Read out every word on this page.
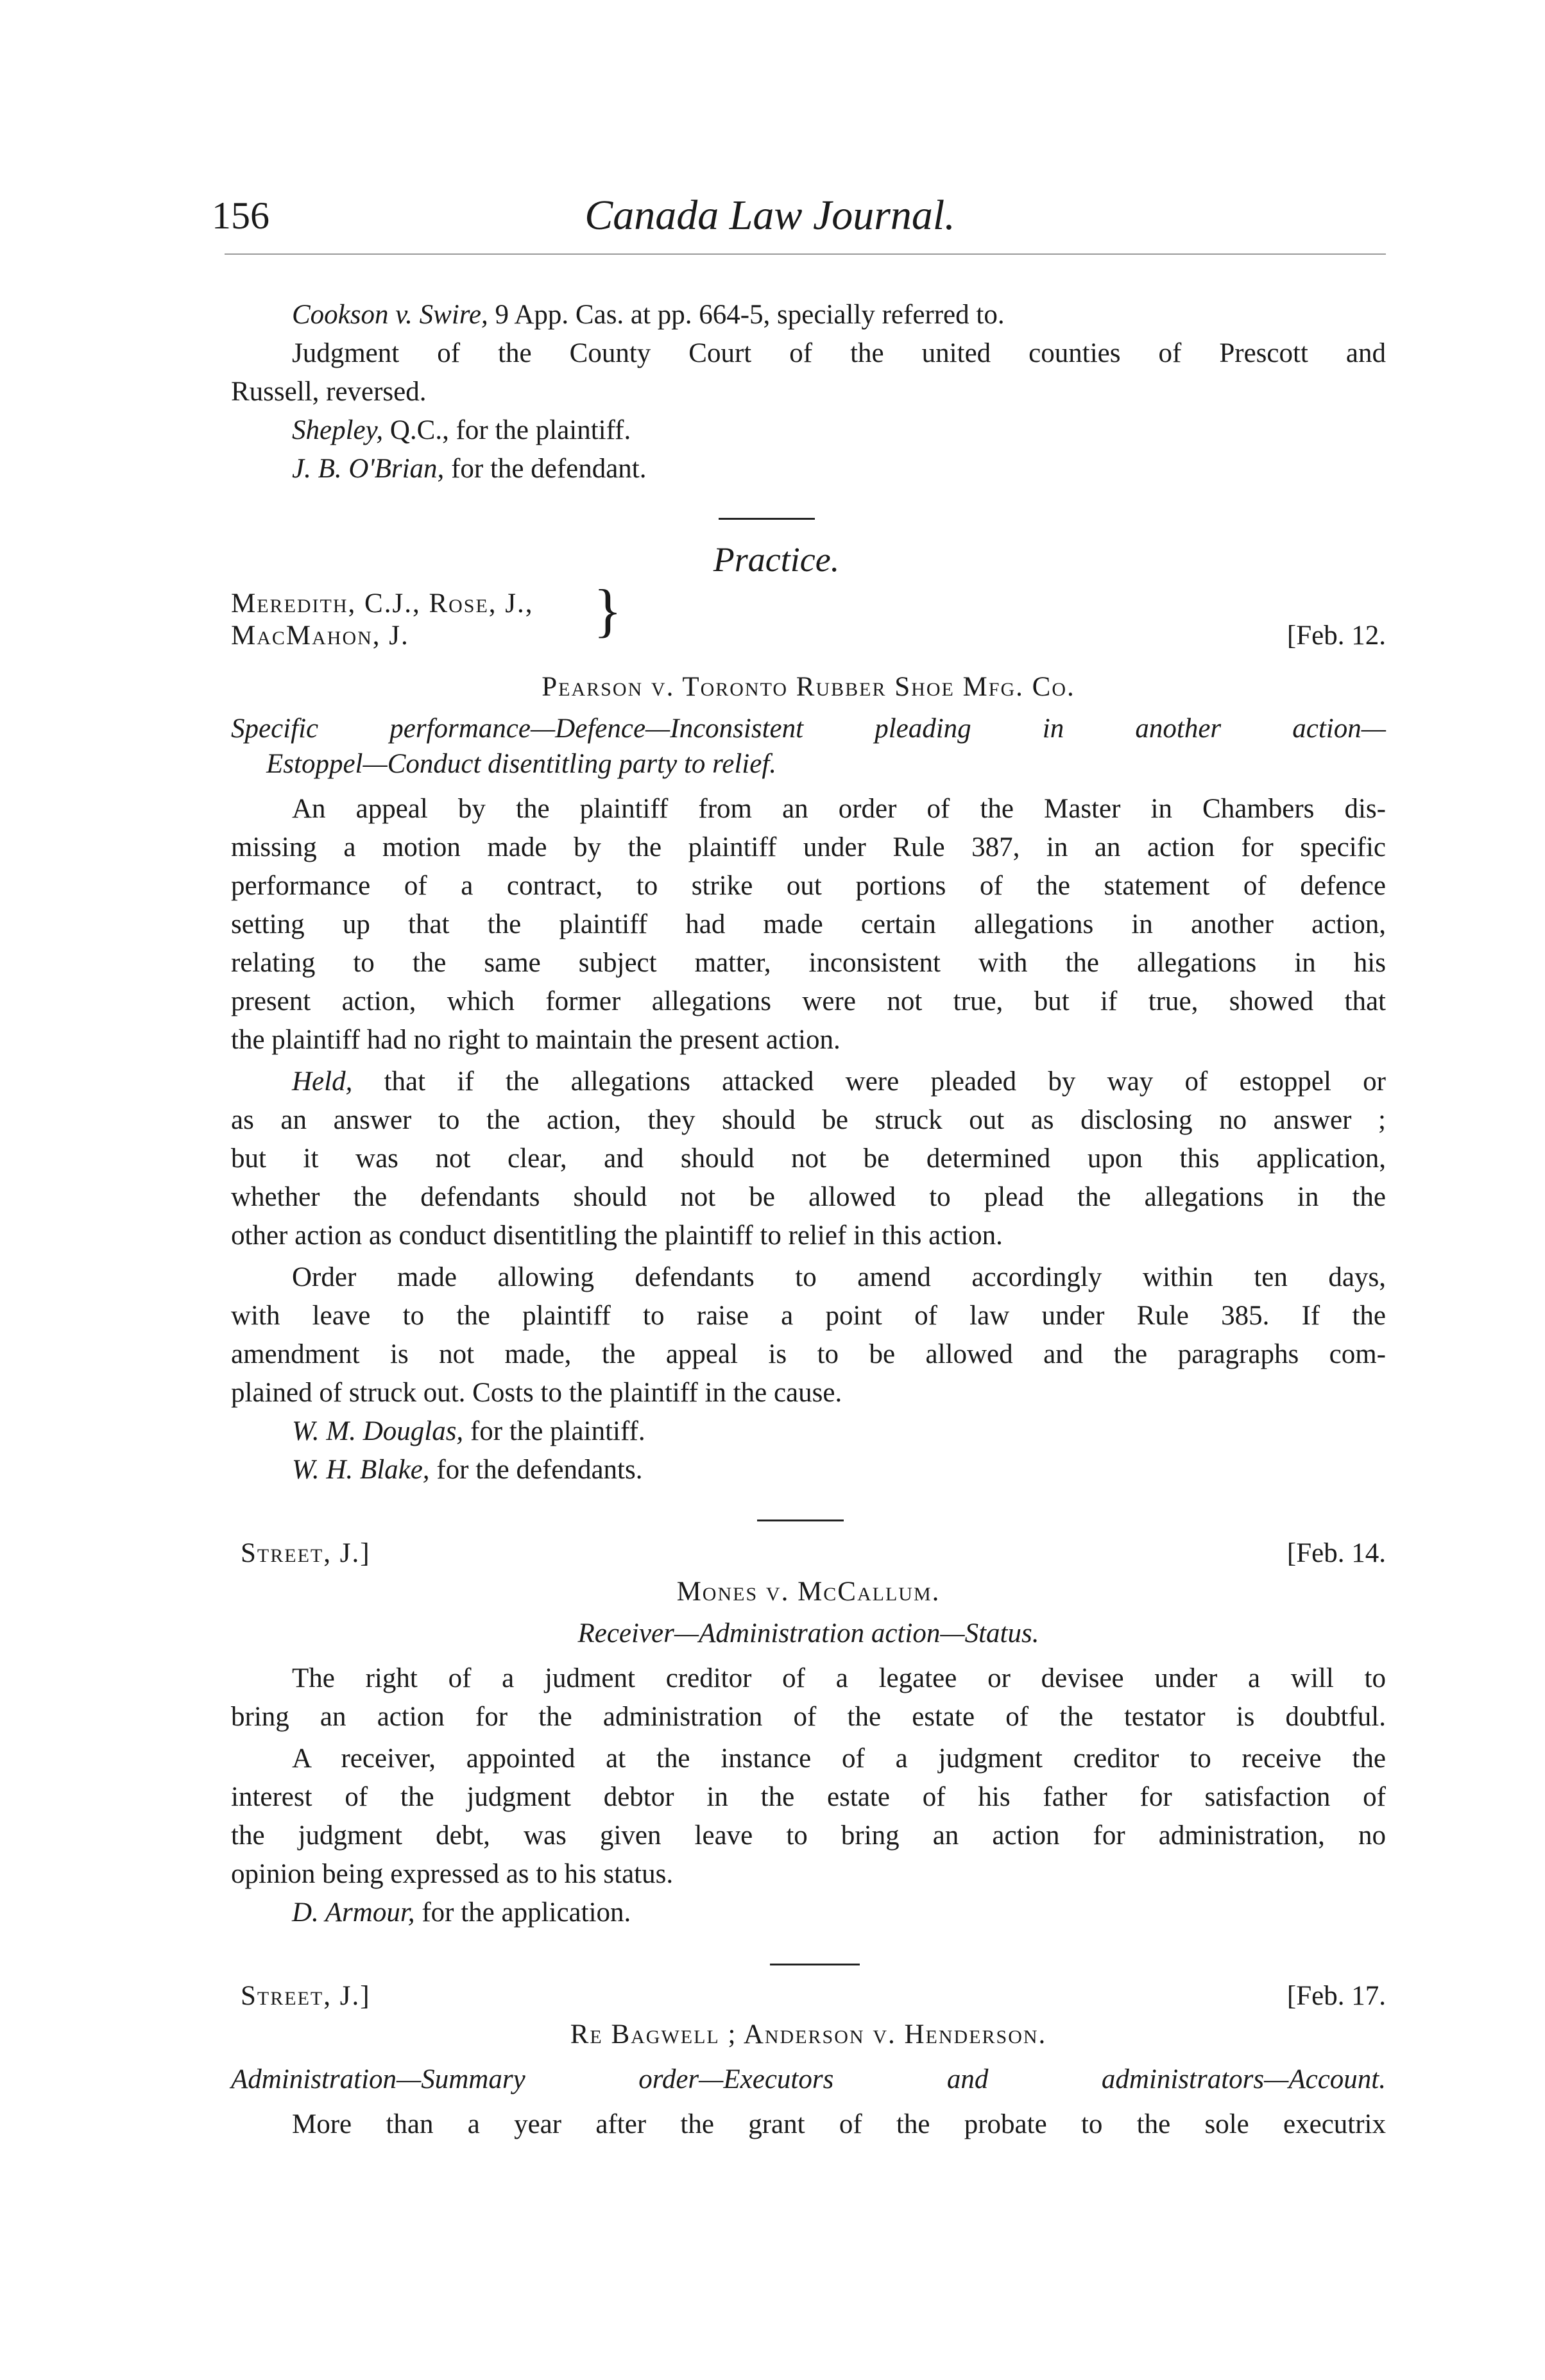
156	Canada Law Journal.
Cookson v. Swire, 9 App. Cas. at pp. 664-5, specially referred to.
Judgment of the County Court of the united counties of Prescott and
Russell, reversed.
Shepley, Q.C., for the plaintiff.
J. B. O'Brian, for the defendant.
Practice.
Meredith, C.J., Rose, J.,
MacMahon, J.	}	[Feb. 12.
Pearson v. Toronto Rubber Shoe Mfg. Co.
Specific performance—Defence—Inconsistent pleading in another action—
Estoppel—Conduct disentitling party to relief.
An appeal by the plaintiff from an order of the Master in Chambers dis-
missing a motion made by the plaintiff under Rule 387, in an action for specific
performance of a contract, to strike out portions of the statement of defence
setting up that the plaintiff had made certain allegations in another action,
relating to the same subject matter, inconsistent with the allegations in his
present action, which former allegations were not true, but if true, showed that
the plaintiff had no right to maintain the present action.
Held, that if the allegations attacked were pleaded by way of estoppel or
as an answer to the action, they should be struck out as disclosing no answer ;
but it was not clear, and should not be determined upon this application,
whether the defendants should not be allowed to plead the allegations in the
other action as conduct disentitling the plaintiff to relief in this action.
Order made allowing defendants to amend accordingly within ten days,
with leave to the plaintiff to raise a point of law under Rule 385. If the
amendment is not made, the appeal is to be allowed and the paragraphs com-
plained of struck out. Costs to the plaintiff in the cause.
W. M. Douglas, for the plaintiff.
W. H. Blake, for the defendants.
Street, J.]	[Feb. 14.
Mones v. McCallum.
Receiver—Administration action—Status.
The right of a judment creditor of a legatee or devisee under a will to
bring an action for the administration of the estate of the testator is doubtful.
A receiver, appointed at the instance of a judgment creditor to receive the
interest of the judgment debtor in the estate of his father for satisfaction of
the judgment debt, was given leave to bring an action for administration, no
opinion being expressed as to his status.
D. Armour, for the application.
Street, J.]	[Feb. 17.
Re Bagwell ; Anderson v. Henderson.
Administration—Summary order—Executors and administrators—Account.
More than a year after the grant of the probate to the sole executrix
